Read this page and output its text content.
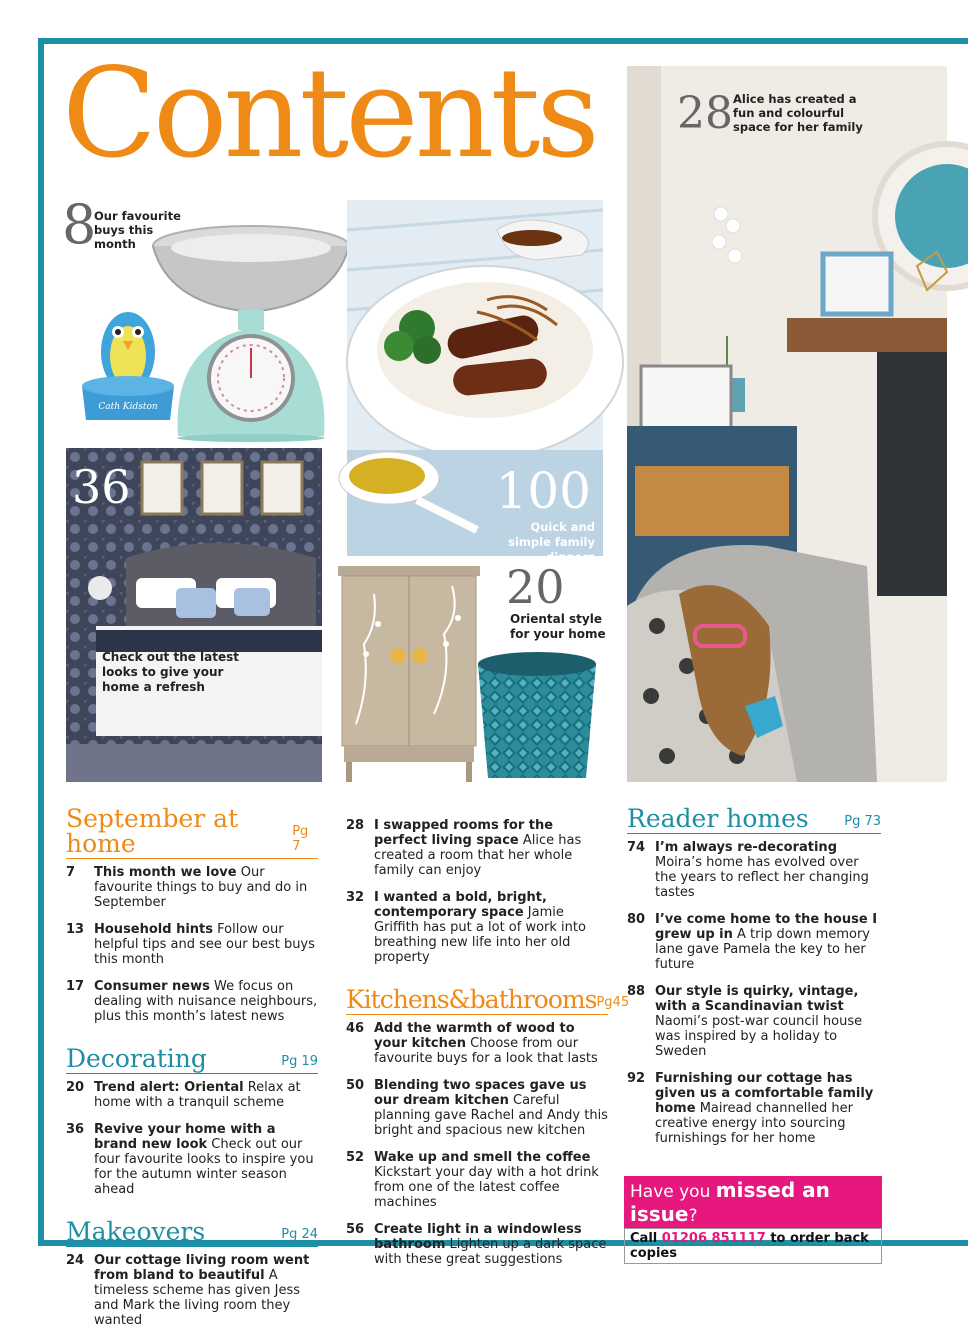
Contents
8
Our favourite buys this month
Cath Kidston
100
Quick and simple family dinners
36
Check out the latest looks to give your home a refresh
20
Oriental style for your home
28 Alice has created a fun and colourful space for her family
September at home	Pg 7
7	This month we love Our favourite things to buy and do in September
13 Household hints Follow our helpful tips and see our best buys this month
17 Consumer news We focus on dealing with nuisance neighbours, plus this month’s latest news
Decorating	Pg 19
20 Trend alert: Oriental Relax at home with a tranquil scheme
36 Revive your home with a brand new look Check out our four favourite looks to inspire you for the autumn winter season ahead
Makeovers	Pg 24
24 Our cottage living room went from bland to beautiful A timeless scheme has given Jess and Mark the living room they wanted
28 I swapped rooms for the perfect living space Alice has created a room that her whole family can enjoy
32 I wanted a bold, bright, contemporary space Jamie Griffith has put a lot of work into breathing new life into her old property
Kitchens&bathrooms Pg45
46 Add the warmth of wood to your kitchen Choose from our favourite buys for a look that lasts
50 Blending two spaces gave us our dream kitchen Careful planning gave Rachel and Andy this bright and spacious new kitchen
52 Wake up and smell the coffee Kickstart your day with a hot drink from one of the latest coffee machines
56 Create light in a windowless bathroom Lighten up a dark space with these great suggestions
Reader homes	Pg 73
74 I’m always re-decorating Moira’s home has evolved over the years to reflect her changing tastes
80 I’ve come home to the house I grew up in A trip down memory lane gave Pamela the key to her future
88 Our style is quirky, vintage, with a Scandinavian twist Naomi’s post-war council house was inspired by a holiday to Sweden
92 Furnishing our cottage has given us a comfortable family home Mairead channelled her creative energy into sourcing furnishings for her home
Have you missed an issue?
Call 01206 851117 to order back copies
